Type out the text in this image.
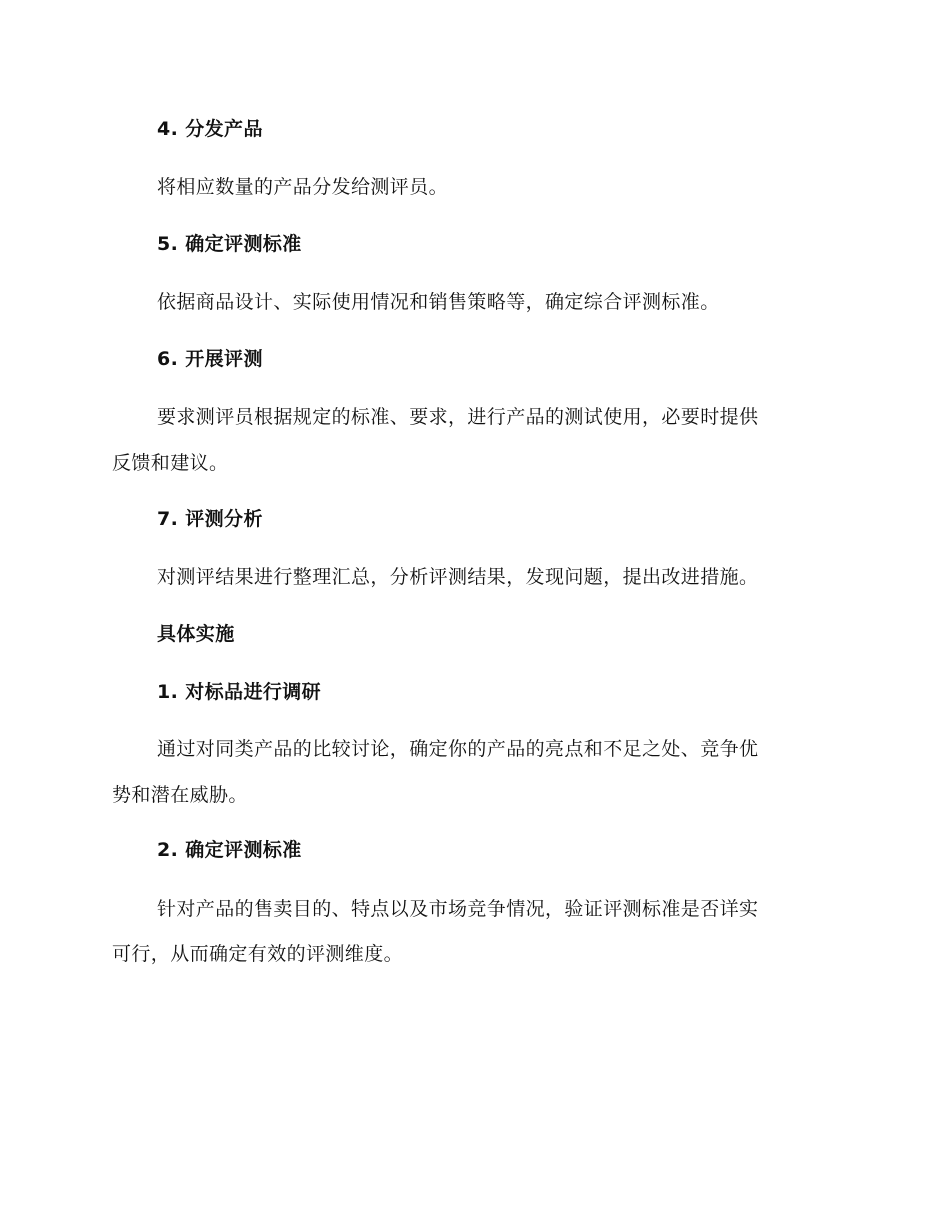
4. 分发产品

将相应数量的产品分发给测评员。

5. 确定评测标准

依据商品设计、实际使用情况和销售策略等，确定综合评测标准。

6. 开展评测

要求测评员根据规定的标准、要求，进行产品的测试使用，必要时提供

反馈和建议。

7. 评测分析

对测评结果进行整理汇总，分析评测结果，发现问题，提出改进措施。

具体实施

1. 对标品进行调研

通过对同类产品的比较讨论，确定你的产品的亮点和不足之处、竞争优

势和潜在威胁。

2. 确定评测标准

针对产品的售卖目的、特点以及市场竞争情况，验证评测标准是否详实

可行，从而确定有效的评测维度。
